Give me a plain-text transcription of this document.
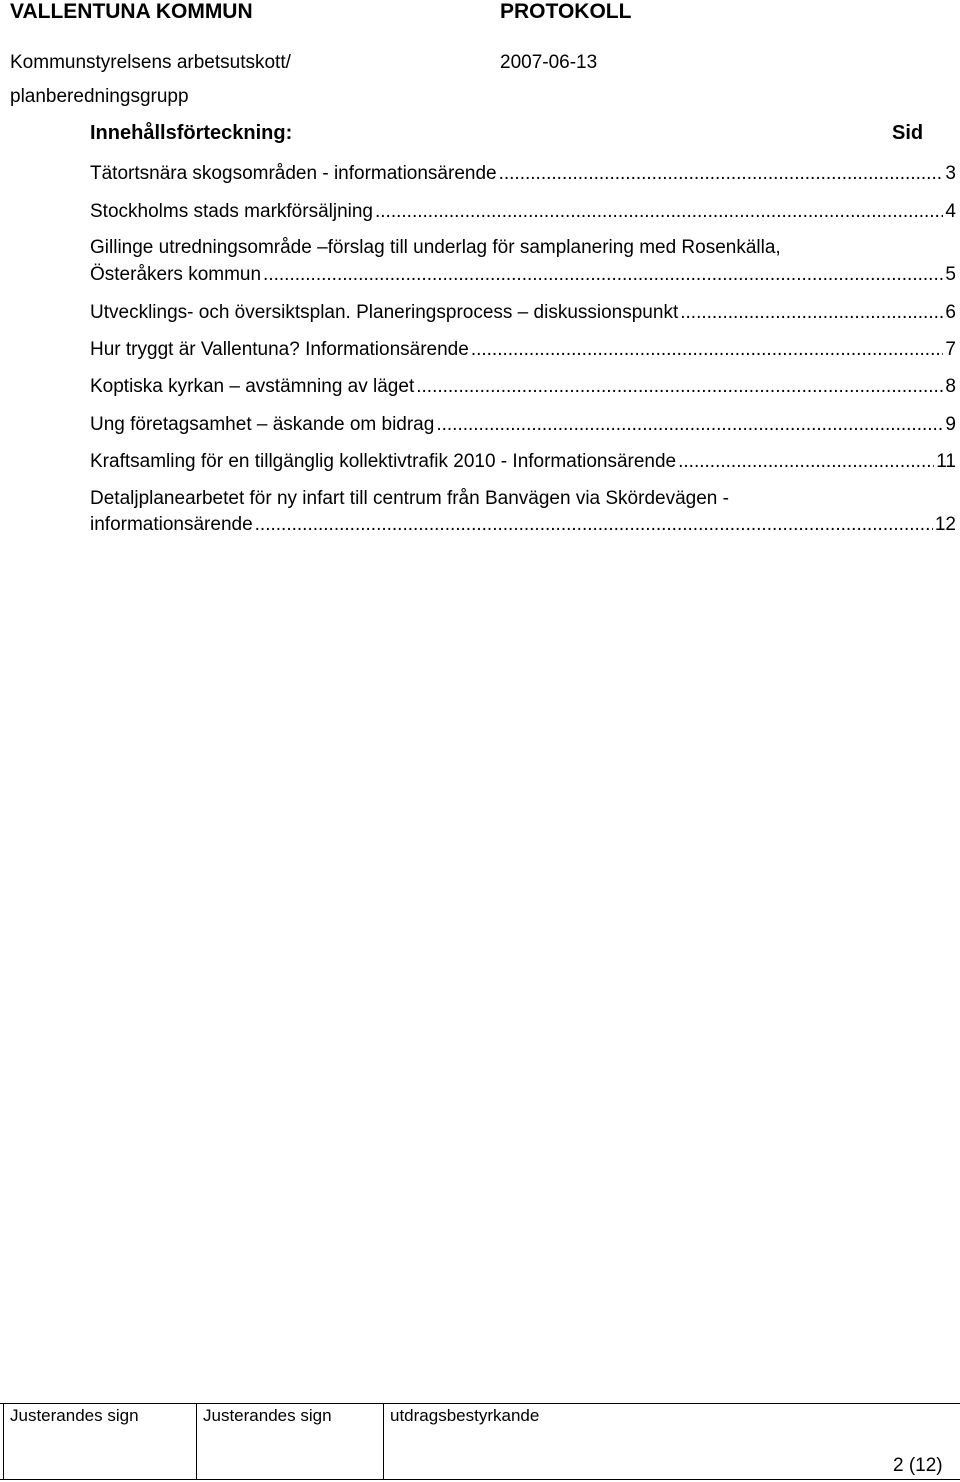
VALLENTUNA KOMMUN	PROTOKOLL
Kommunstyrelsens arbetsutskott/	2007-06-13
planberedningsgrupp
Innehållsförteckning:	Sid
Tätortsnära skogsområden - informationsärende .....	3
Stockholms stads markförsäljning .....	4
Gillinge utredningsområde –förslag till underlag för samplanering med Rosenkälla,
Österåkers kommun .....	5
Utvecklings- och översiktsplan. Planeringsprocess – diskussionspunkt .....	6
Hur tryggt är Vallentuna? Informationsärende .....	7
Koptiska kyrkan – avstämning av läget .....	8
Ung företagsamhet – äskande om bidrag .....	9
Kraftsamling för en tillgänglig kollektivtrafik 2010 - Informationsärende .....	11
Detaljplanearbetet för ny infart till centrum från Banvägen via Skördevägen -
informationsärende .....	12
Justerandes sign	Justerandes sign	utdragsbestyrkande
2 (12)
